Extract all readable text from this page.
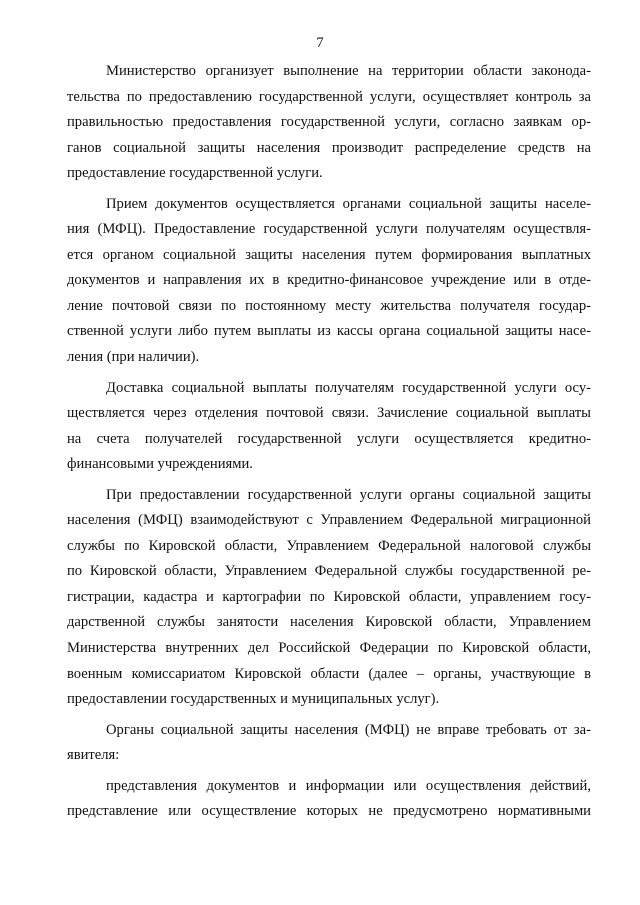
7
Министерство организует выполнение на территории области законода-
тельства по предоставлению государственной услуги, осуществляет контроль за
правильностью предоставления государственной услуги, согласно заявкам ор-
ганов социальной защиты населения производит распределение средств на
предоставление государственной услуги.
Прием документов осуществляется органами социальной защиты населе-
ния (МФЦ). Предоставление государственной услуги получателям осуществля-
ется органом социальной защиты населения путем формирования выплатных
документов и направления их в кредитно-финансовое учреждение или в отде-
ление почтовой связи по постоянному месту жительства получателя государ-
ственной услуги либо путем выплаты из кассы органа социальной защиты насе-
ления (при наличии).
Доставка социальной выплаты получателям государственной услуги осу-
ществляется через отделения почтовой связи. Зачисление социальной выплаты
на счета получателей государственной услуги осуществляется кредитно-
финансовыми учреждениями.
При предоставлении государственной услуги органы социальной защиты
населения (МФЦ) взаимодействуют с Управлением Федеральной миграционной
службы по Кировской области, Управлением Федеральной налоговой службы
по Кировской области, Управлением Федеральной службы государственной ре-
гистрации, кадастра и картографии по Кировской области, управлением госу-
дарственной службы занятости населения Кировской области, Управлением
Министерства внутренних дел Российской Федерации по Кировской области,
военным комиссариатом Кировской области (далее – органы, участвующие в
предоставлении государственных и муниципальных услуг).
Органы социальной защиты населения (МФЦ) не вправе требовать от за-
явителя:
представления документов и информации или осуществления действий,
представление или осуществление которых не предусмотрено нормативными
